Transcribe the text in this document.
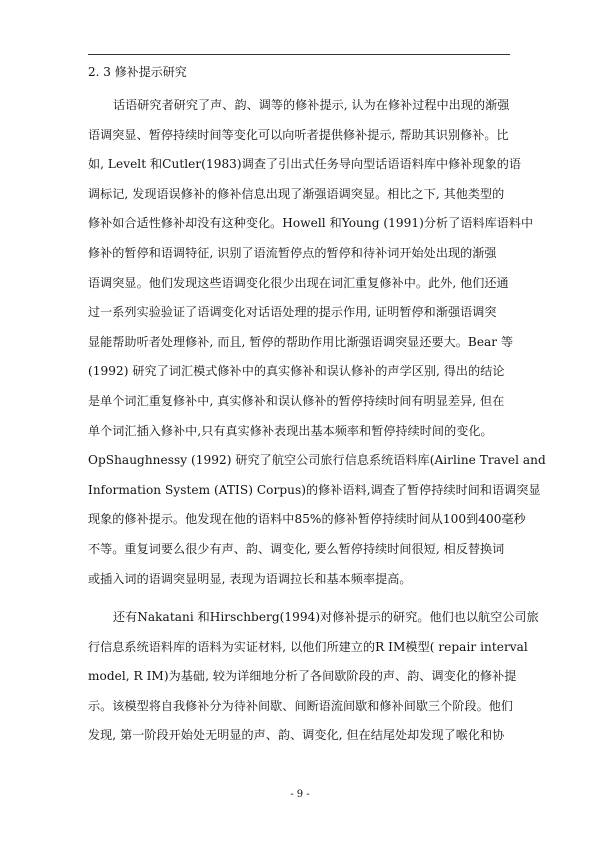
2. 3 修补提示研究
话语研究者研究了声、韵、调等的修补提示, 认为在修补过程中出现的渐强
语调突显、暂停持续时间等变化可以向听者提供修补提示, 帮助其识别修补。比
如, Levelt 和Cutler(1983)调查了引出式任务导向型话语语料库中修补现象的语
调标记, 发现语误修补的修补信息出现了渐强语调突显。相比之下, 其他类型的
修补如合适性修补却没有这种变化。Howell 和Young (1991)分析了语料库语料中
修补的暂停和语调特征, 识别了语流暂停点的暂停和待补词开始处出现的渐强
语调突显。他们发现这些语调变化很少出现在词汇重复修补中。此外, 他们还通
过一系列实验验证了语调变化对话语处理的提示作用, 证明暂停和渐强语调突
显能帮助听者处理修补, 而且, 暂停的帮助作用比渐强语调突显还要大。Bear 等
(1992) 研究了词汇模式修补中的真实修补和误认修补的声学区别, 得出的结论
是单个词汇重复修补中, 真实修补和误认修补的暂停持续时间有明显差异, 但在
单个词汇插入修补中,只有真实修补表现出基本频率和暂停持续时间的变化。
OpShaughnessy (1992) 研究了航空公司旅行信息系统语料库(Airline Travel and
Information System (ATIS) Corpus)的修补语料,调查了暂停持续时间和语调突显
现象的修补提示。他发现在他的语料中85%的修补暂停持续时间从100到400毫秒
不等。重复词要么很少有声、韵、调变化, 要么暂停持续时间很短, 相反替换词
或插入词的语调突显明显, 表现为语调拉长和基本频率提高。
还有Nakatani 和Hirschberg(1994)对修补提示的研究。他们也以航空公司旅
行信息系统语料库的语料为实证材料, 以他们所建立的R IM模型( repair interval
model, R IM)为基础, 较为详细地分析了各间歇阶段的声、韵、调变化的修补提
示。该模型将自我修补分为待补间歇、间断语流间歇和修补间歇三个阶段。他们
发现, 第一阶段开始处无明显的声、韵、调变化, 但在结尾处却发现了喉化和协
- 9 -
